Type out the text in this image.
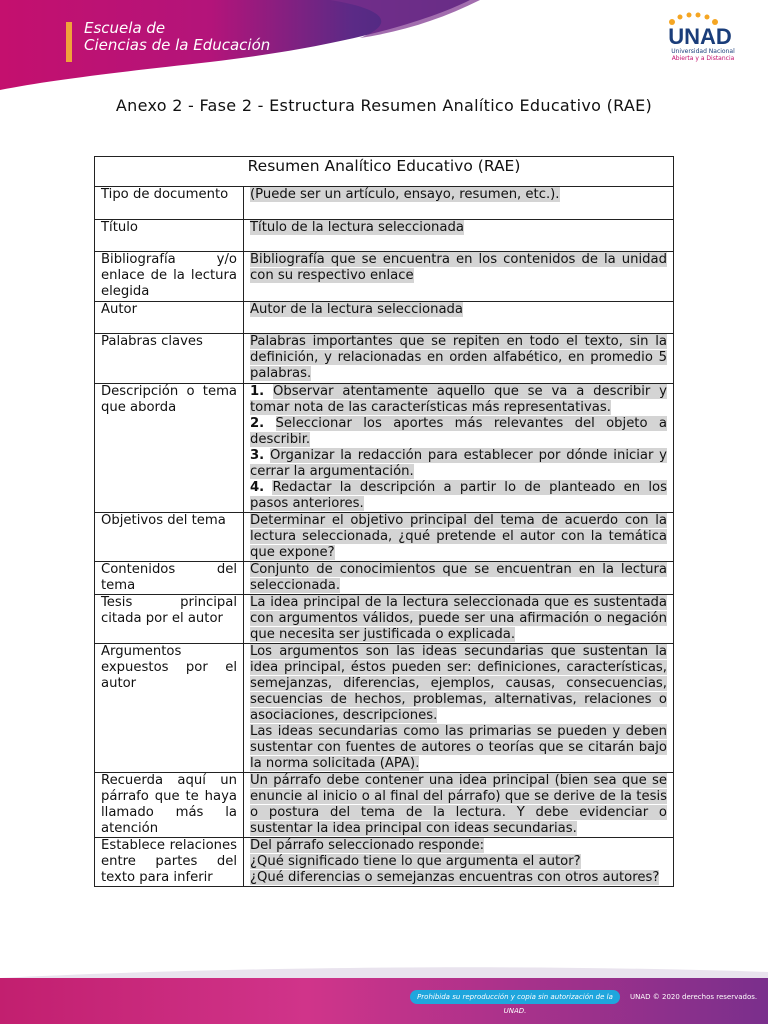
Escuela de
Ciencias de la Educación	UNAD
Universidad Nacional
Abierta y a Distancia
Anexo 2 - Fase 2 - Estructura Resumen Analítico Educativo (RAE)
Resumen Analítico Educativo (RAE)	
Tipo de documento	(Puede ser un artículo, ensayo, resumen, etc.).
Título	Título de la lectura seleccionada
Bibliografía y/o enlace de la lectura elegida	Bibliografía que se encuentra en los contenidos de la unidad con su respectivo enlace
Autor	Autor de la lectura seleccionada
Palabras claves	Palabras importantes que se repiten en todo el texto, sin la definición, y relacionadas en orden alfabético, en promedio 5 palabras.
Descripción o tema que aborda	1. Observar atentamente aquello que se va a describir y tomar nota de las características más representativas.
2. Seleccionar los aportes más relevantes del objeto a describir.
3. Organizar la redacción para establecer por dónde iniciar y cerrar la argumentación.
4. Redactar la descripción a partir lo de planteado en los pasos anteriores.

Objetivos del tema	Determinar el objetivo principal del tema de acuerdo con la lectura seleccionada, ¿qué pretende el autor con la temática que expone?
Contenidos del tema	Conjunto de conocimientos que se encuentran en la lectura seleccionada.
Tesis principal citada por el autor	La idea principal de la lectura seleccionada que es sustentada con argumentos válidos, puede ser una afirmación o negación que necesita ser justificada o explicada.
Argumentos expuestos por el autor	Los argumentos son las ideas secundarias que sustentan la idea principal, éstos pueden ser: definiciones, características, semejanzas, diferencias, ejemplos, causas, consecuencias, secuencias de hechos, problemas, alternativas, relaciones o asociaciones, descripciones.
Las ideas secundarias como las primarias se pueden y deben sustentar con fuentes de autores o teorías que se citarán bajo la norma solicitada (APA).

Recuerda aquí un párrafo que te haya llamado más la atención	Un párrafo debe contener una idea principal (bien sea que se enuncie al inicio o al final del párrafo) que se derive de la tesis o postura del tema de la lectura. Y debe evidenciar o sustentar la idea principal con ideas secundarias.
Establece relaciones entre partes del texto para inferir	Del párrafo seleccionado responde:
¿Qué significado tiene lo que argumenta el autor?
¿Qué diferencias o semejanzas encuentras con otros autores?
Prohibida su reproducción y copia sin autorización de la UNAD.
UNAD © 2020 derechos reservados.
